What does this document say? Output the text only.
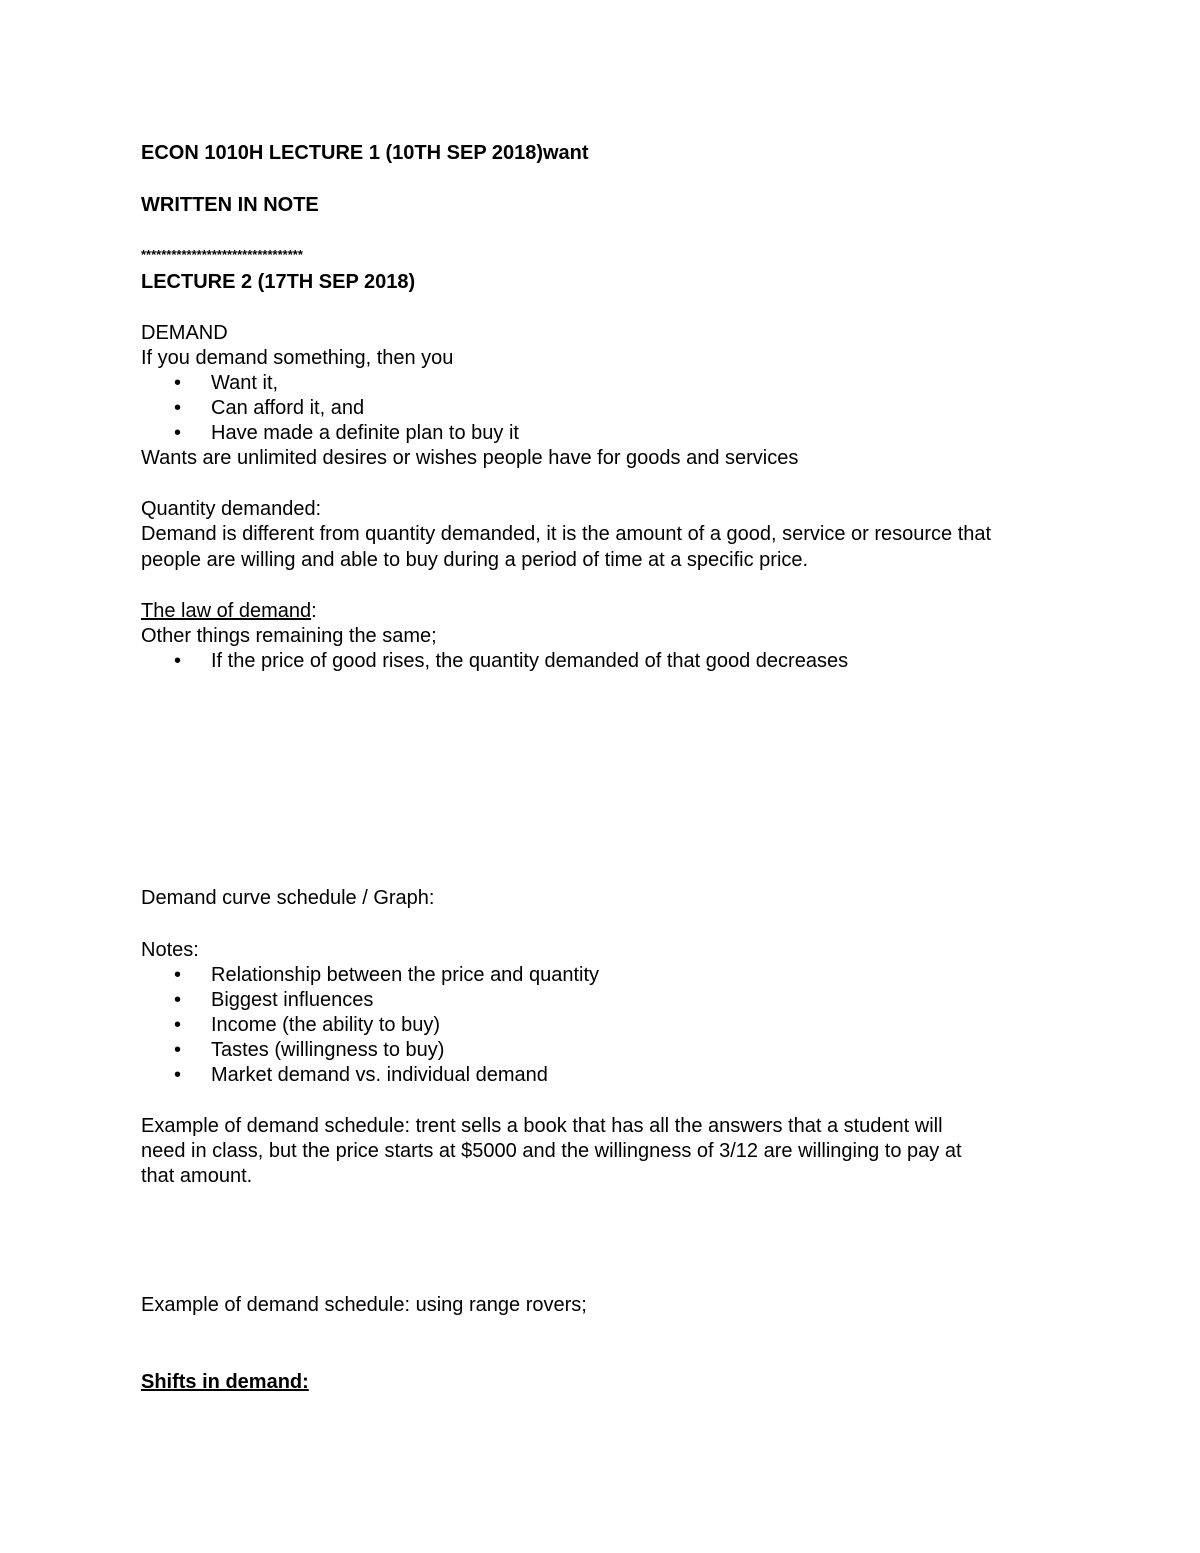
ECON 1010H LECTURE 1 (10TH SEP 2018)want
WRITTEN IN NOTE
********************************
LECTURE 2 (17TH SEP 2018)
DEMAND
If you demand something, then you
• Want it,
• Can afford it, and
• Have made a definite plan to buy it
Wants are unlimited desires or wishes people have for goods and services
Quantity demanded:
Demand is different from quantity demanded, it is the amount of a good, service or resource that
people are willing and able to buy during a period of time at a specific price.
The law of demand:
Other things remaining the same;
• If the price of good rises, the quantity demanded of that good decreases
Demand curve schedule / Graph:
Notes:
• Relationship between the price and quantity
• Biggest influences
• Income (the ability to buy)
• Tastes (willingness to buy)
• Market demand vs. individual demand
Example of demand schedule: trent sells a book that has all the answers that a student will
need in class, but the price starts at $5000 and the willingness of 3/12 are willinging to pay at
that amount.
Example of demand schedule: using range rovers;
Shifts in demand:
